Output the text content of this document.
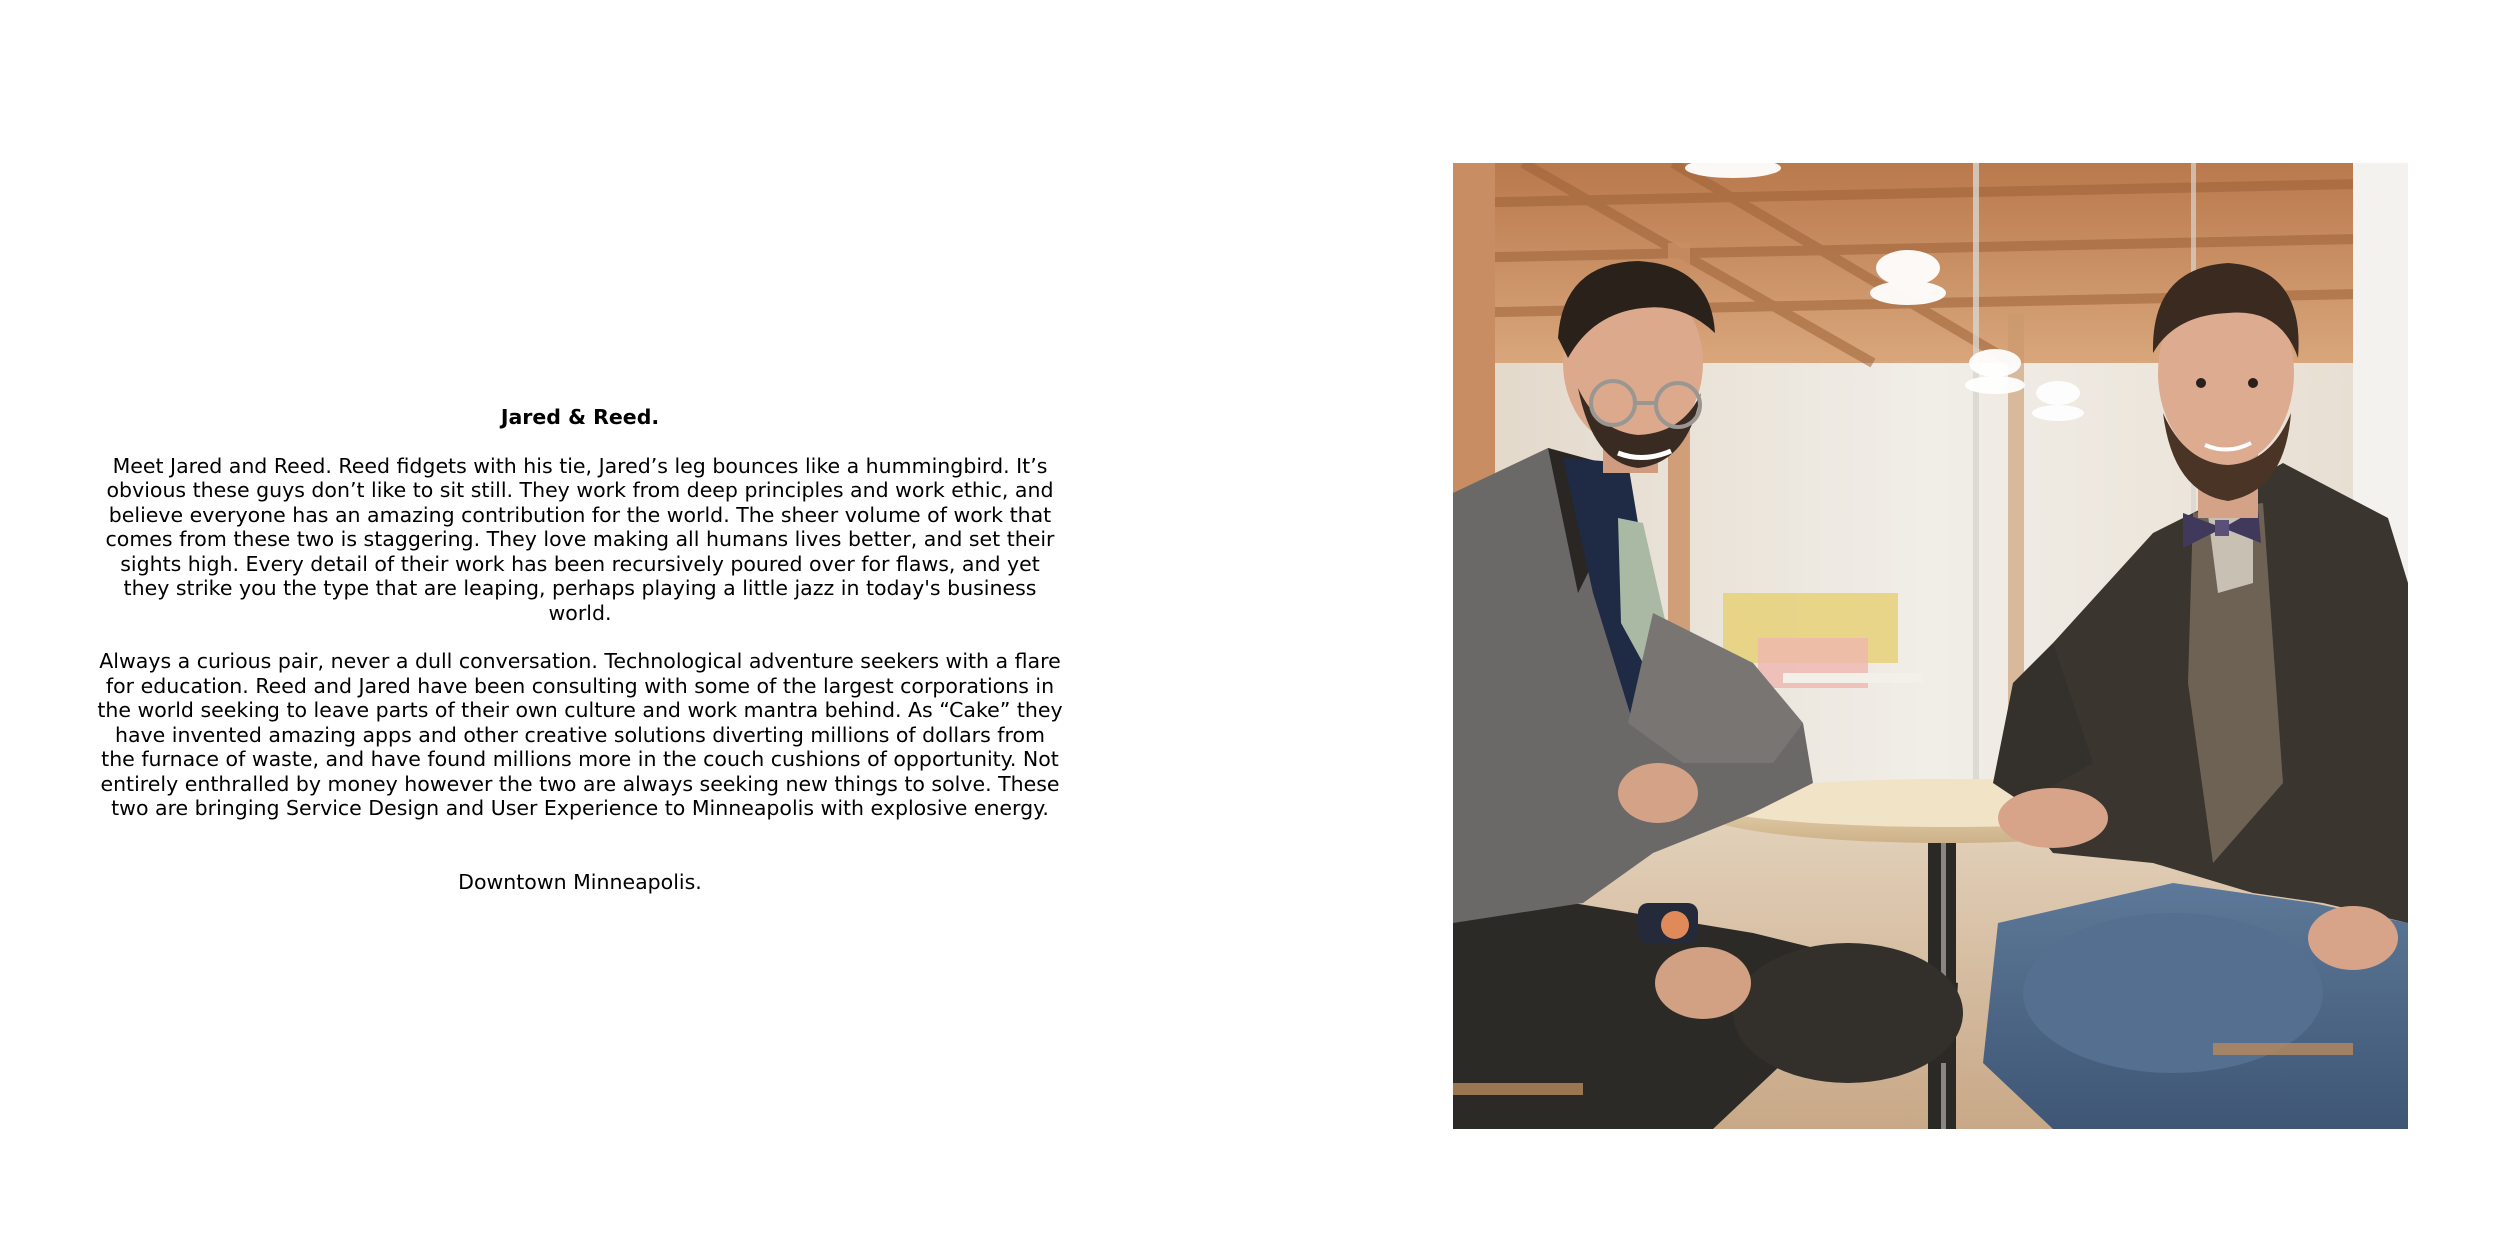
Jared & Reed.
Meet Jared and Reed. Reed fidgets with his tie, Jared’s leg bounces like a hummingbird. It’s obvious these guys don’t like to sit still. They work from deep principles and work ethic, and believe everyone has an amazing contribution for the world. The sheer volume of work that comes from these two is staggering. They love making all humans lives better, and set their sights high. Every detail of their work has been recursively poured over for flaws, and yet they strike you the type that are leaping, perhaps playing a little jazz in today's business world.
Always a curious pair, never a dull conversation. Technological adventure seekers with a flare for education. Reed and Jared have been consulting with some of the largest corporations in the world seeking to leave parts of their own culture and work mantra behind. As “Cake” they have invented amazing apps and other creative solutions diverting millions of dollars from the furnace of waste, and have found millions more in the couch cushions of opportunity. Not entirely enthralled by money however the two are always seeking new things to solve. These two are bringing Service Design and User Experience to Minneapolis with explosive energy.
Downtown Minneapolis.
